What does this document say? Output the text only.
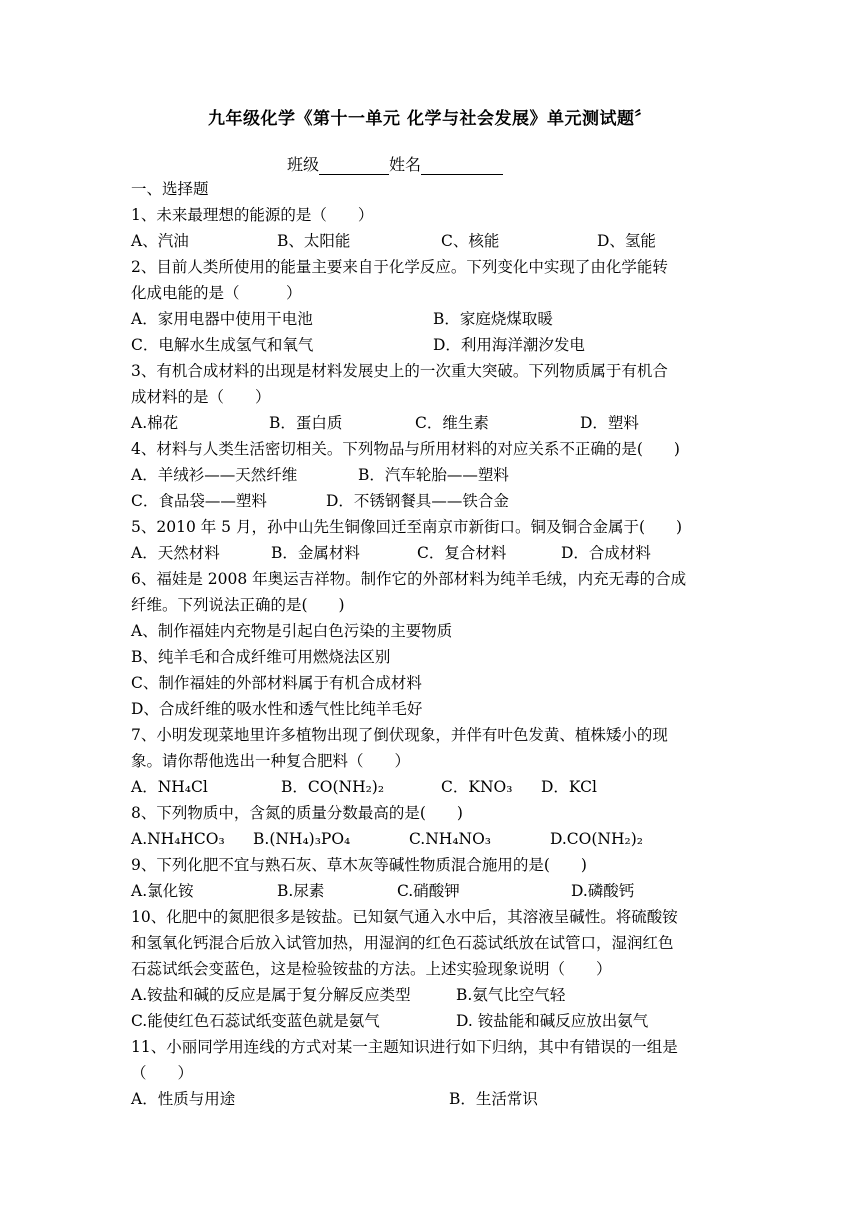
九年级化学《第十一单元 化学与社会发展》单元测试题〞
班级	姓名
一、选择题
1、未来最理想的能源的是（　　）
A、汽油	B、太阳能	C、核能	D、氢能
2、目前人类所使用的能量主要来自于化学反应。下列变化中实现了由化学能转
化成电能的是（　　　）
A．家用电器中使用干电池	B．家庭烧煤取暖
C．电解水生成氢气和氧气	D．利用海洋潮汐发电
3、有机合成材料的出现是材料发展史上的一次重大突破。下列物质属于有机合
成材料的是（　　）
A.棉花	B．蛋白质	C．维生素	D．塑料
4、材料与人类生活密切相关。下列物品与所用材料的对应关系不正确的是(　　)
A．羊绒衫——天然纤维	B．汽车轮胎——塑料
C．食品袋——塑料	D．不锈钢餐具——铁合金
5、2010 年 5 月，孙中山先生铜像回迁至南京市新街口。铜及铜合金属于(　　)
A．天然材料	B．金属材料	C．复合材料	D．合成材料
6、福娃是 2008 年奥运吉祥物。制作它的外部材料为纯羊毛绒，内充无毒的合成
纤维。下列说法正确的是(　　)
A、制作福娃内充物是引起白色污染的主要物质
B、纯羊毛和合成纤维可用燃烧法区别
C、制作福娃的外部材料属于有机合成材料
D、合成纤维的吸水性和透气性比纯羊毛好
7、小明发现菜地里许多植物出现了倒伏现象，并伴有叶色发黄、植株矮小的现
象。请你帮他选出一种复合肥料（　　）
A．NH₄Cl	B．CO(NH₂)₂	C．KNO₃ D．KCl
8、下列物质中，含氮的质量分数最高的是(　　)
A.NH₄HCO₃ B.(NH₄)₃PO₄	C.NH₄NO₃	D.CO(NH₂)₂
9、下列化肥不宜与熟石灰、草木灰等碱性物质混合施用的是(　　)
A.氯化铵	B.尿素	C.硝酸钾	D.磷酸钙
10、化肥中的氮肥很多是铵盐。已知氨气通入水中后，其溶液呈碱性。将硫酸铵
和氢氧化钙混合后放入试管加热，用湿润的红色石蕊试纸放在试管口，湿润红色
石蕊试纸会变蓝色，这是检验铵盐的方法。上述实验现象说明（　　）
A.铵盐和碱的反应是属于复分解反应类型	B.氨气比空气轻
C.能使红色石蕊试纸变蓝色就是氨气	D. 铵盐能和碱反应放出氨气
11、小丽同学用连线的方式对某一主题知识进行如下归纳，其中有错误的一组是
（　　）
A．性质与用途	B．生活常识
